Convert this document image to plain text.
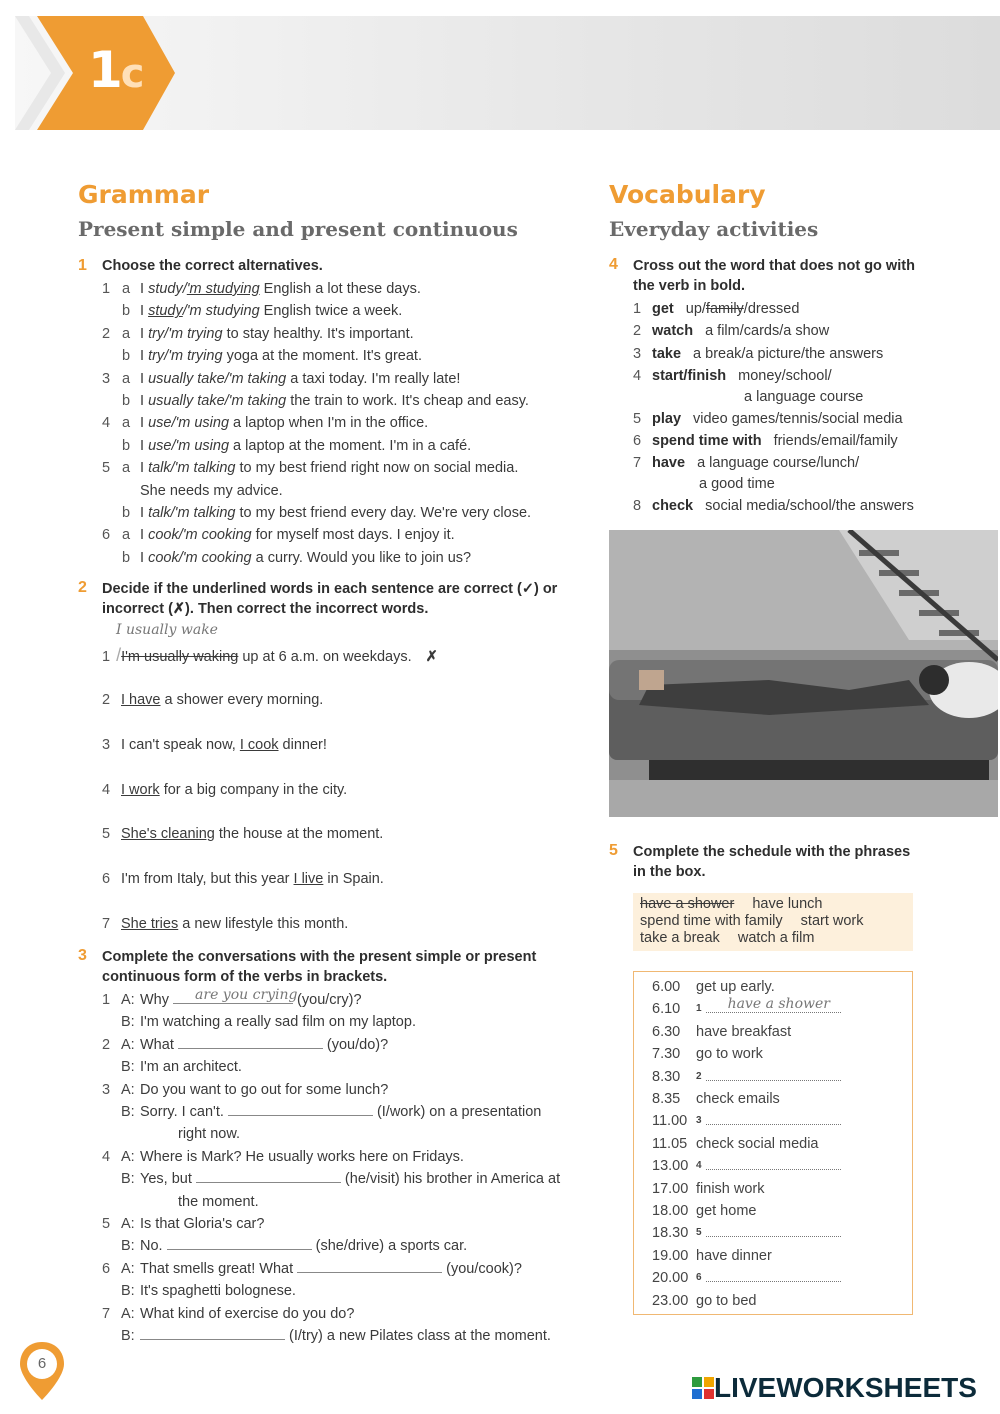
1c
Grammar
Present simple and present continuous
1 Choose the correct alternatives.
1 a I study/'m studying English a lot these days.
b I study/'m studying English twice a week.
2 a I try/'m trying to stay healthy. It's important.
b I try/'m trying yoga at the moment. It's great.
3 a I usually take/'m taking a taxi today. I'm really late!
b I usually take/'m taking the train to work. It's cheap and easy.
4 a I use/'m using a laptop when I'm in the office.
b I use/'m using a laptop at the moment. I'm in a café.
5 a I talk/'m talking to my best friend right now on social media.
She needs my advice.
b I talk/'m talking to my best friend every day. We're very close.
6 a I cook/'m cooking for myself most days. I enjoy it.
b I cook/'m cooking a curry. Would you like to join us?
2 Decide if the underlined words in each sentence are correct (✓) or
incorrect (✗). Then correct the incorrect words.
I usually wake
1 /I'm usually waking up at 6 a.m. on weekdays. ✗
2 I have a shower every morning.
3 I can't speak now, I cook dinner!
4 I work for a big company in the city.
5 She's cleaning the house at the moment.
6 I'm from Italy, but this year I live in Spain.
7 She tries a new lifestyle this month.
3 Complete the conversations with the present simple or present
continuous form of the verbs in brackets.
1 A: Why are you crying
(you/cry)?
B: I'm watching a really sad film on my laptop.
2 A: What	(you/do)?
B: I'm an architect.
3 A: Do you want to go out for some lunch?
B: Sorry. I can't.	(I/work) on a presentation
right now.
4 A: Where is Mark? He usually works here on Fridays.
B: Yes, but	(he/visit) his brother in America at
the moment.
5 A: Is that Gloria's car?
B: No.	(she/drive) a sports car.
6 A: That smells great! What	(you/cook)?
B: It's spaghetti bolognese.
7 A: What kind of exercise do you do?
B:	(I/try) a new Pilates class at the moment.
Vocabulary
Everyday activities
4 Cross out the word that does not go with
the verb in bold.
1 get up/family/dressed
2 watch a film/cards/a show
3 take a break/a picture/the answers
4 start/finish money/school/
a language course
5 play video games/tennis/social media
6 spend time with friends/email/family
7 have a language course/lunch/
a good time
8 check social media/school/the answers
5 Complete the schedule with the phrases
in the box.
have a shower have lunch
spend time with family start work
take a break watch a film
6.00 get up early.
6.10 $^1$ have a shower
6.30 have breakfast
7.30 go to work
8.30 $^2$
8.35 check emails
11.00 $^3$
11.05 check social media
13.00 $^4$
17.00 finish work
18.00 get home
18.30 $^5$
19.00 have dinner
20.00 $^6$
23.00 go to bed
6
LIVEWORKSHEETS
